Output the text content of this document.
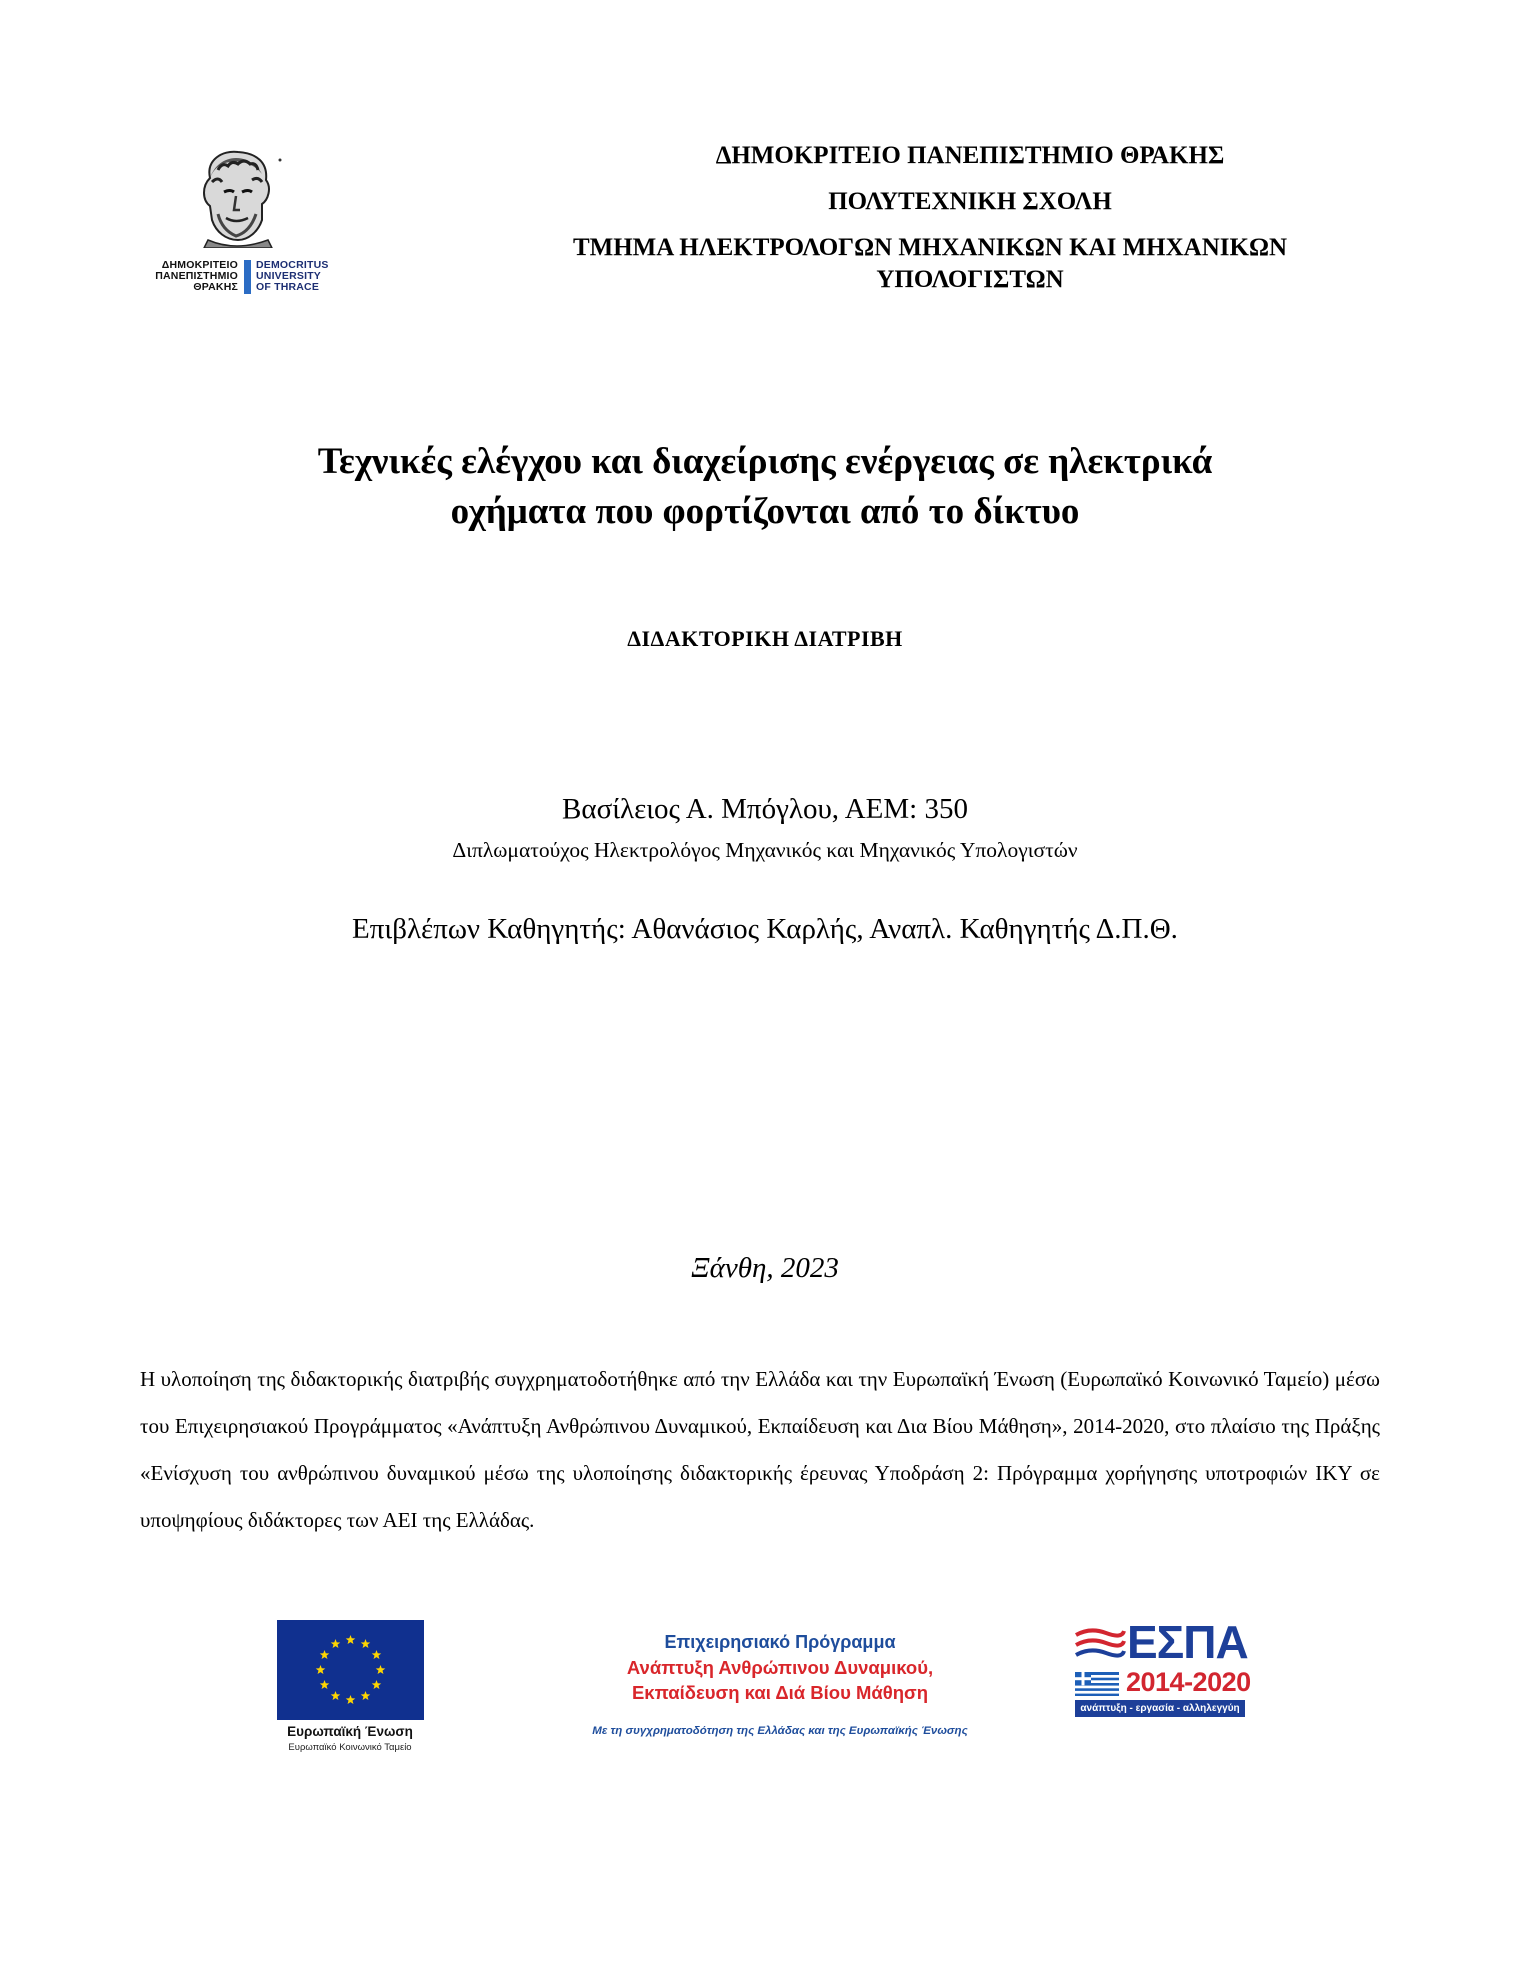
ΔΗΜΟΚΡΙΤΕΙΟ
ΠΑΝΕΠΙΣΤΗΜΙΟ
ΘΡΑΚΗΣ
DEMOCRITUS
UNIVERSITY
OF THRACE
ΔΗΜΟΚΡΙΤΕΙΟ ΠΑΝΕΠΙΣΤΗΜΙΟ ΘΡΑΚΗΣ
ΠΟΛΥΤΕΧΝΙΚΗ ΣΧΟΛΗ
ΤΜΗΜΑ ΗΛΕΚΤΡΟΛΟΓΩΝ ΜΗΧΑΝΙΚΩΝ ΚΑΙ ΜΗΧΑΝΙΚΩΝ
ΥΠΟΛΟΓΙΣΤΩΝ
Τεχνικές ελέγχου και διαχείρισης ενέργειας σε ηλεκτρικά
οχήματα που φορτίζονται από το δίκτυο
ΔΙΔΑΚΤΟΡΙΚΗ ΔΙΑΤΡΙΒΗ
Βασίλειος Α. Μπόγλου, ΑΕΜ: 350
Διπλωματούχος Ηλεκτρολόγος Μηχανικός και Μηχανικός Υπολογιστών
Επιβλέπων Καθηγητής: Αθανάσιος Καρλής, Αναπλ. Καθηγητής Δ.Π.Θ.
Ξάνθη, 2023
Η υλοποίηση της διδακτορικής διατριβής συγχρηματοδοτήθηκε από την Ελλάδα και την Ευρωπαϊκή Ένωση (Ευρωπαϊκό Κοινωνικό Ταμείο) μέσω του Επιχειρησιακού Προγράμματος «Ανάπτυξη Ανθρώπινου Δυναμικού, Εκπαίδευση και Δια Βίου Μάθηση», 2014-2020, στο πλαίσιο της Πράξης «Ενίσχυση του ανθρώπινου δυναμικού μέσω της υλοποίησης διδακτορικής έρευνας Υποδράση 2: Πρόγραμμα χορήγησης υποτροφιών ΙΚΥ σε υποψηφίους διδάκτορες των ΑΕΙ της Ελλάδας.
Ευρωπαϊκή Ένωση
Ευρωπαϊκό Κοινωνικό Ταμείο
Επιχειρησιακό Πρόγραμμα
Ανάπτυξη Ανθρώπινου Δυναμικού,
Εκπαίδευση και Διά Βίου Μάθηση
Με τη συγχρηματοδότηση της Ελλάδας και της Ευρωπαϊκής Ένωσης
ΕΣΠΑ
2014-2020
ανάπτυξη - εργασία - αλληλεγγύη
